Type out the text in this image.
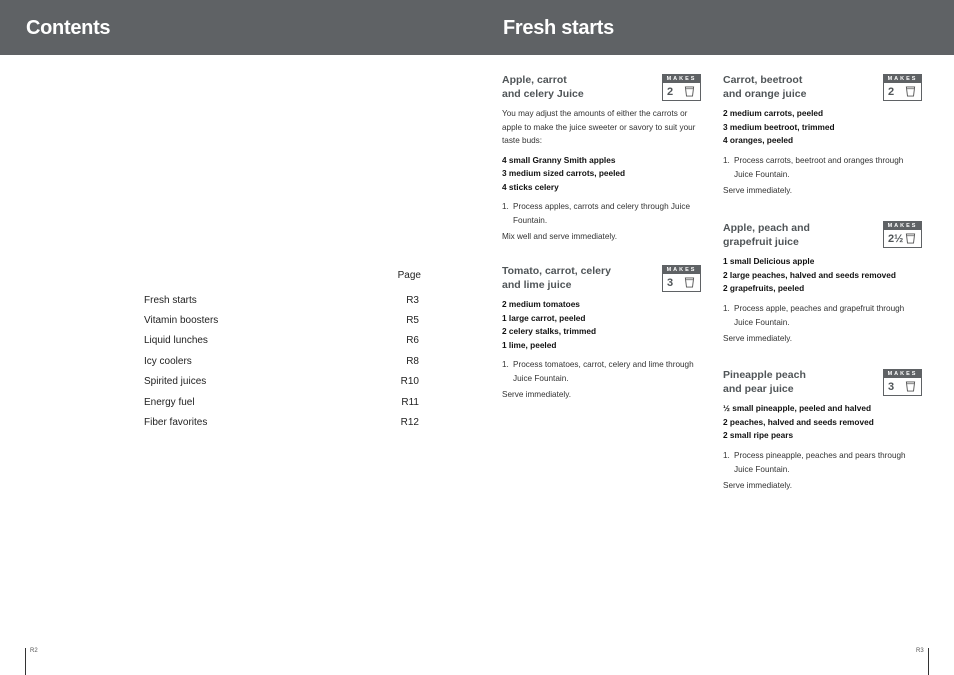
Contents	Fresh starts
Page
Fresh starts	R3
Vitamin boosters	R5
Liquid lunches	R6
Icy coolers	R8
Spirited juices	R10
Energy fuel	R11
Fiber favorites	R12
Apple, carrot
and celery Juice

You may adjust the amounts of either the carrots or apple to make the juice sweeter or savory to suit your taste buds:

4 small Granny Smith apples
3 medium sized carrots, peeled
4 sticks celery
1. Process apples, carrots and celery through Juice Fountain.
Mix well and serve immediately.
MAKES
2
Tomato, carrot, celery
and lime juice
2 medium tomatoes
1 large carrot, peeled
2 celery stalks, trimmed
1 lime, peeled
1. Process tomatoes, carrot, celery and lime through Juice Fountain.
Serve immediately.
MAKES
3
Carrot, beetroot
and orange juice
2 medium carrots, peeled
3 medium beetroot, trimmed
4 oranges, peeled
1. Process carrots, beetroot and oranges through Juice Fountain.
Serve immediately.
MAKES
2
Apple, peach and
grapefruit juice
1 small Delicious apple
2 large peaches, halved and seeds removed
2 grapefruits, peeled
1. Process apple, peaches and grapefruit through Juice Fountain.
Serve immediately.
MAKES
2½
Pineapple peach
and pear juice
½ small pineapple, peeled and halved
2 peaches, halved and seeds removed
2 small ripe pears
1. Process pineapple, peaches and pears through Juice Fountain.
Serve immediately.
MAKES
3
R2	R3
